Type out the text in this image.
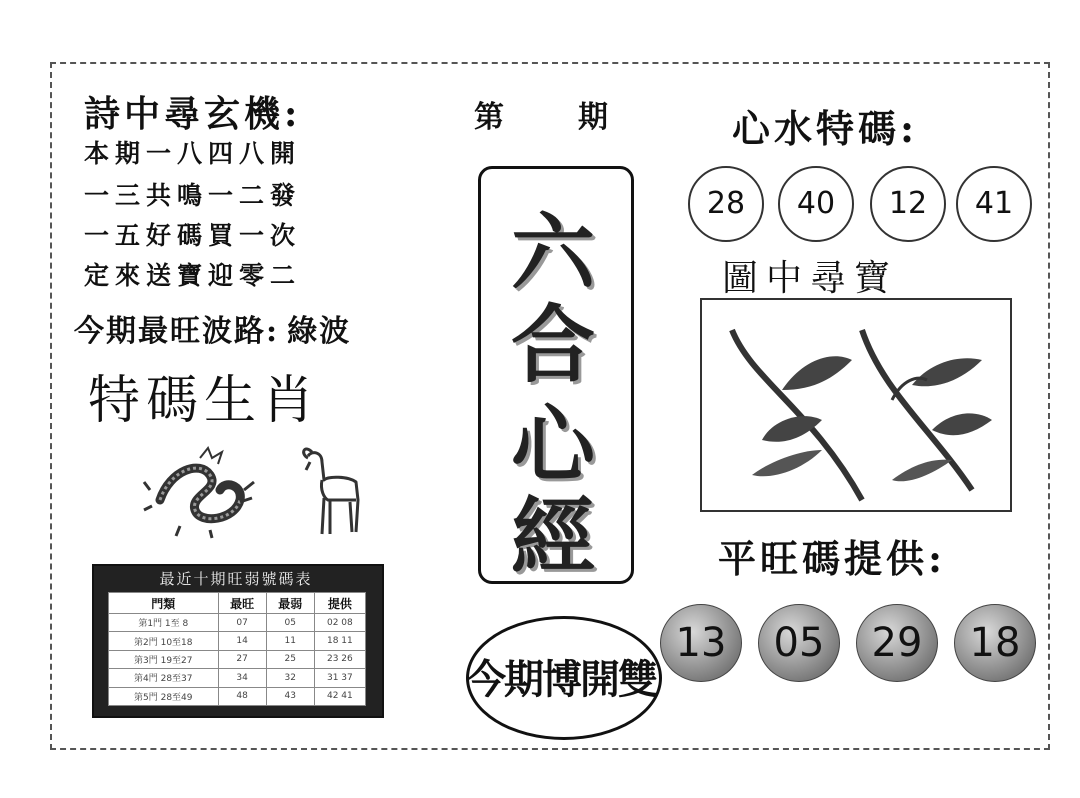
詩中尋玄機:
本期一八四八開
一三共鳴一二發
一五好碼買一次
定來送寶迎零二
今期最旺波路: 綠波
特碼生肖
最近十期旺弱號碼表
門類	最旺	最弱	提供
第1門 1至 8	07	05	02 08
第2門 10至18	14	11	18 11
第3門 19至27	27	25	23 26
第4門 28至37	34	32	31 37
第5門 28至49	48	43	42 41
第 期
六
合
心
經
今期博開雙
心水特碼:
28	40	12	41
圖中尋寶
平旺碼提供:
13	05	29	18
